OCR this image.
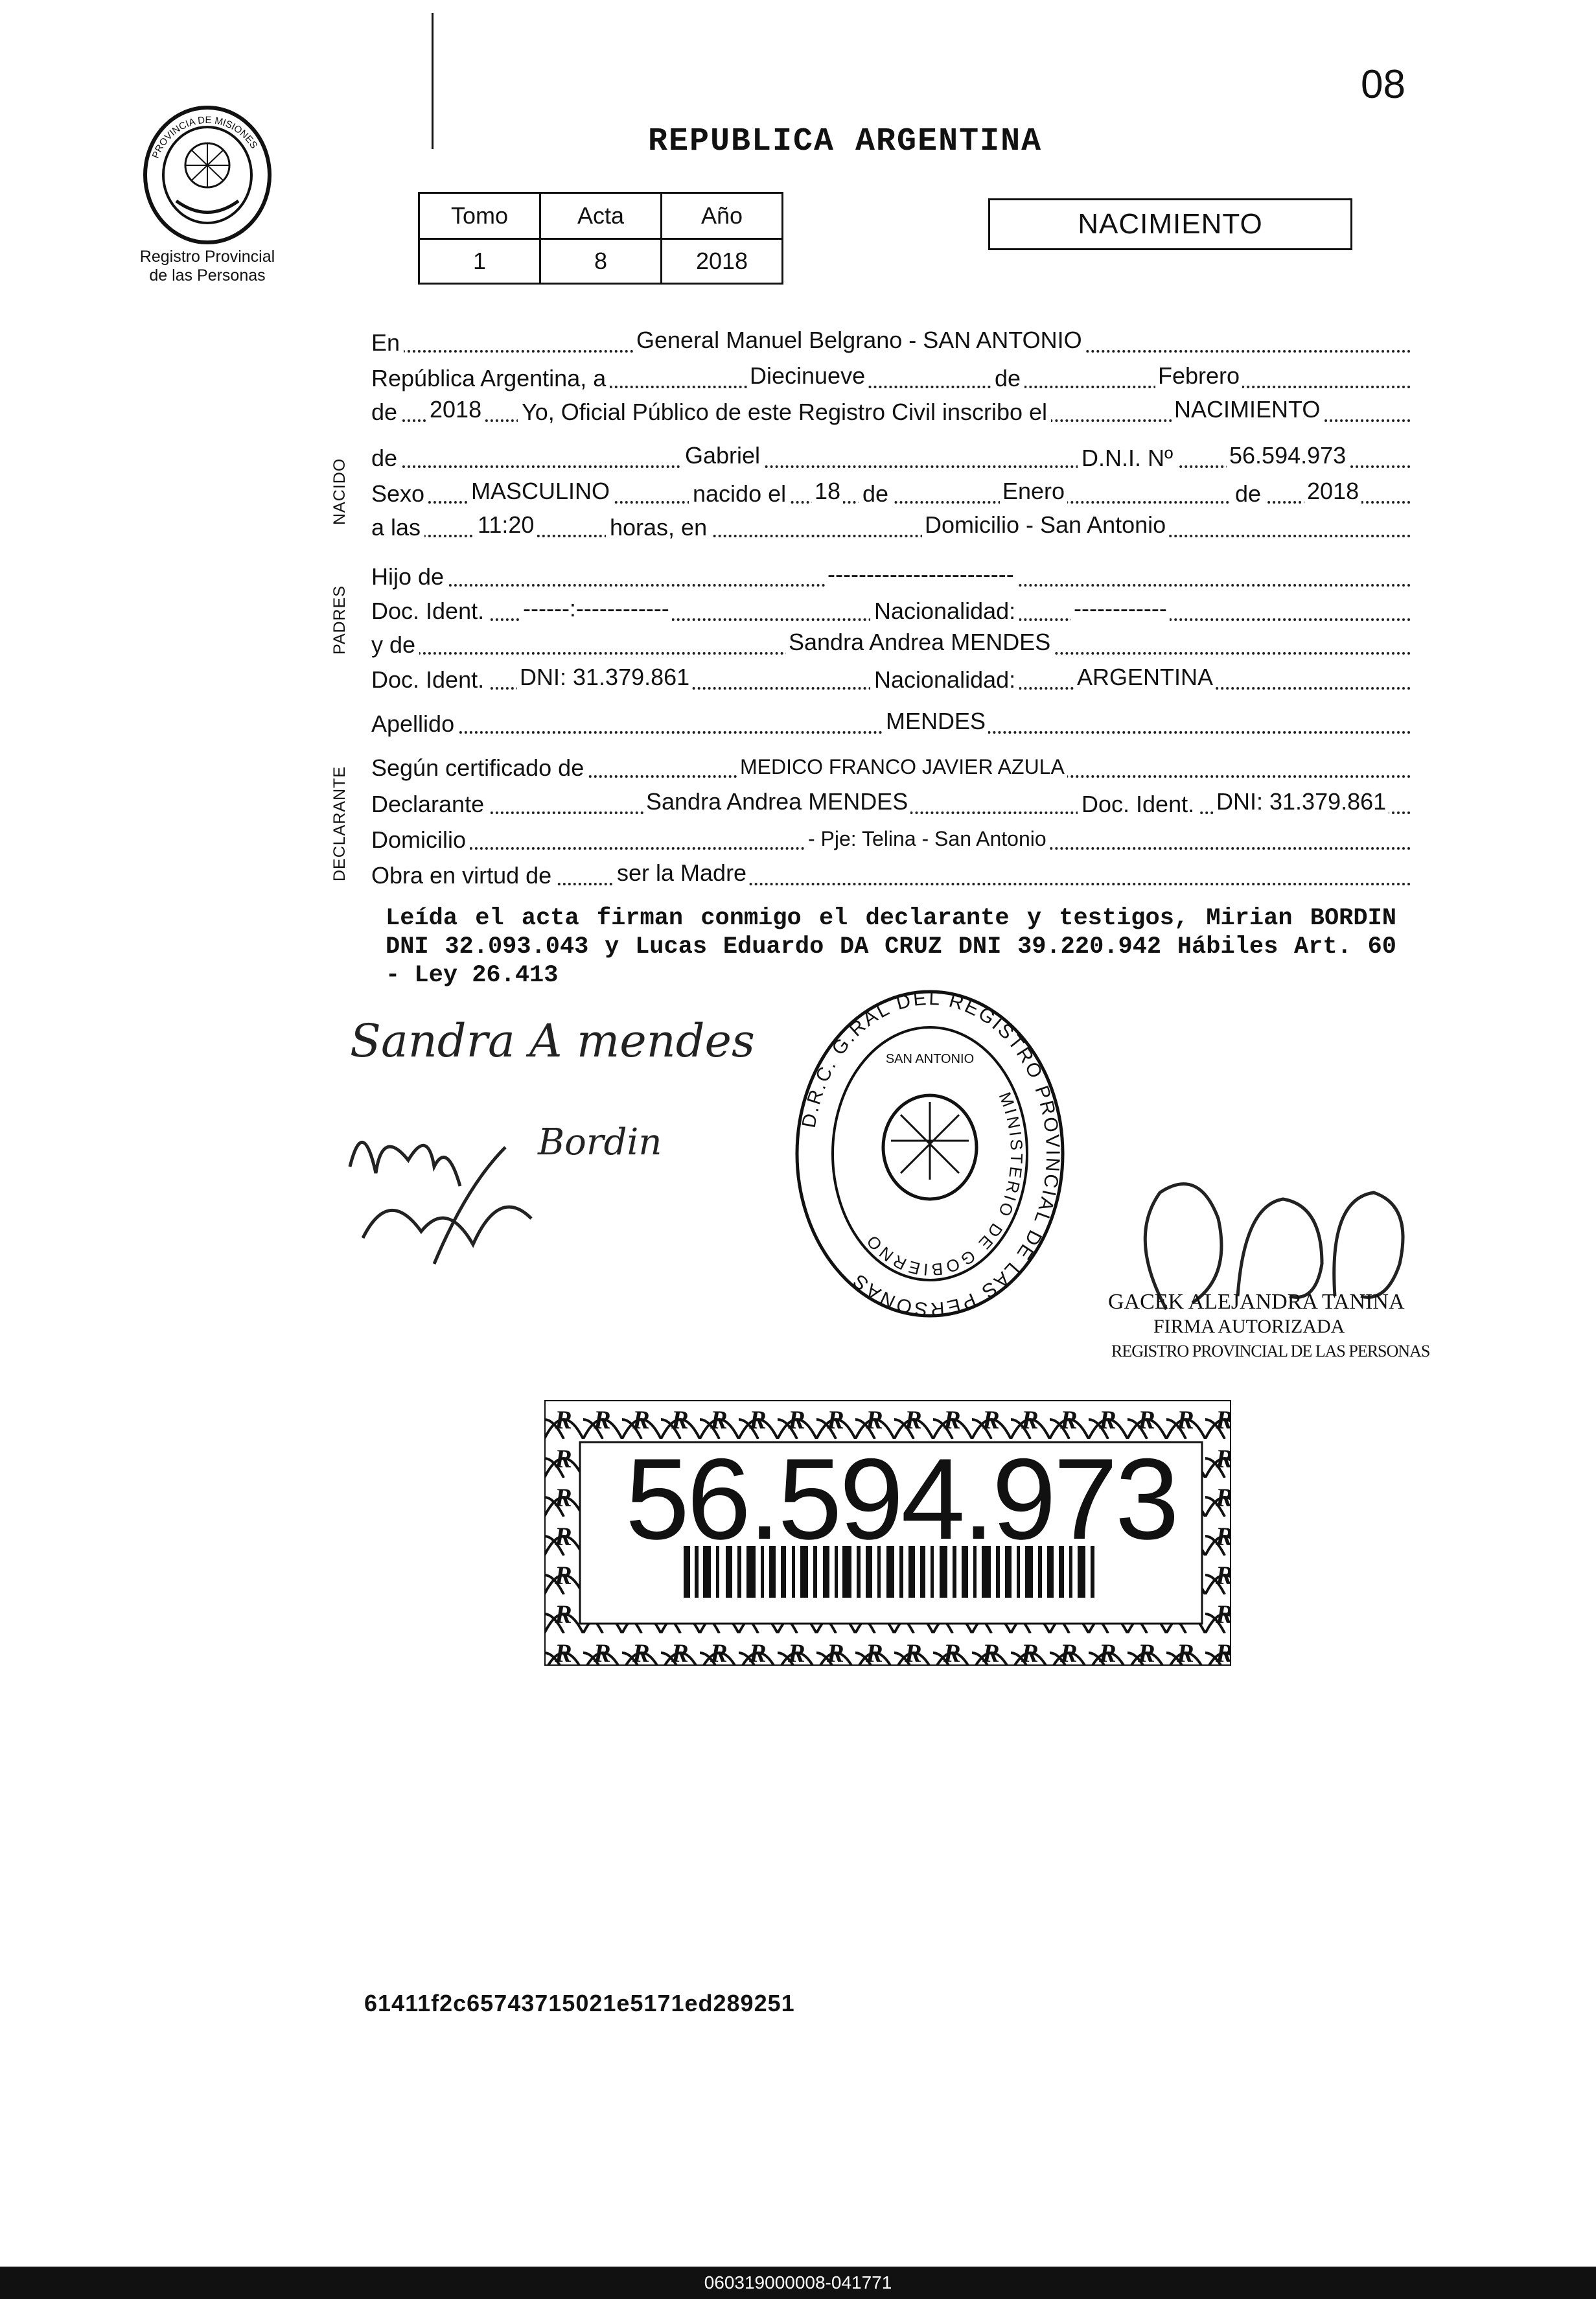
08
PROVINCIA DE MISIONES
Registro Provincial
de las Personas
REPUBLICA ARGENTINA
Tomo	Acta	Año
1	8	2018
NACIMIENTO
NACIDO
PADRES
DECLARANTE
En	General Manuel Belgrano - SAN ANTONIO
República Argentina, a	Diecinueve	de	Febrero
de 2018 Yo, Oficial Público de este Registro Civil inscribo el	NACIMIENTO
de	Gabriel	D.N.I. Nº 56.594.973
Sexo MASCULINO	nacido el 18 de	Enero	de 2018
a las 11:20	horas, en	Domicilio - San Antonio
Hijo de	------------------------
Doc. Ident. ------:------------	Nacionalidad: ------------
y de	Sandra Andrea MENDES
Doc. Ident. DNI: 31.379.861	Nacionalidad:	ARGENTINA
Apellido	MENDES
Según certificado de	MEDICO FRANCO JAVIER AZULA
Declarante	Sandra Andrea MENDES	Doc. Ident. DNI: 31.379.861
Domicilio	- Pje: Telina - San Antonio
Obra en virtud de	ser la Madre
Leída el acta firman conmigo el declarante y testigos, Mirian BORDIN DNI 32.093.043 y Lucas Eduardo DA CRUZ DNI 39.220.942 Hábiles Art. 60 - Ley 26.413
Sandra A mendes
Bordin
D.R.C. G.RAL DEL REGISTRO PROVINCIAL DE LAS PERSONAS
MINISTERIO DE GOBIERNO
SAN ANTONIO
GACEK ALEJANDRA TANINA
FIRMA AUTORIZADA
REGISTRO PROVINCIAL DE LAS PERSONAS
56.594.973
61411f2c65743715021e5171ed289251
060319000008-041771
